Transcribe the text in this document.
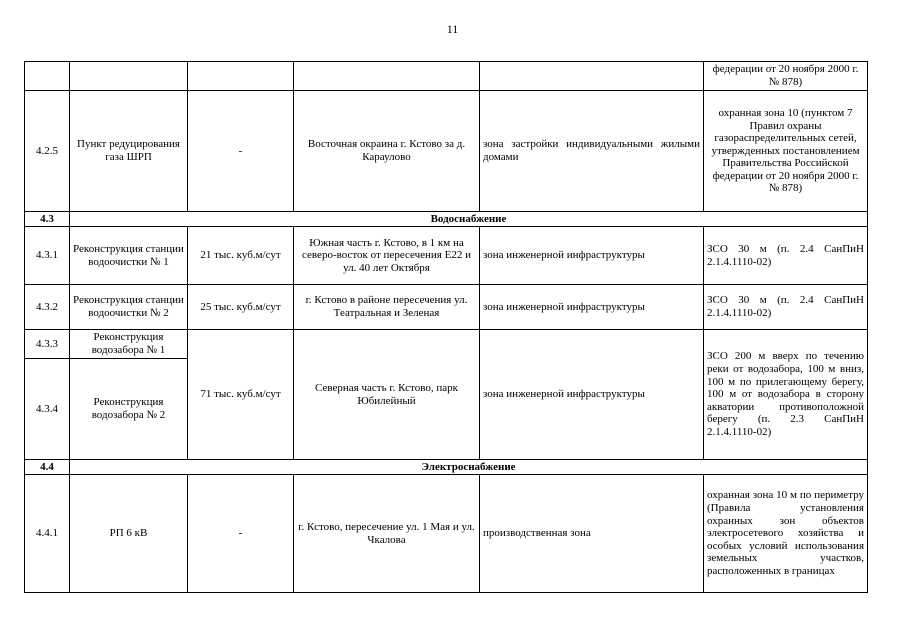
11
					федерации от 20 ноября 2000 г. № 878)
4.2.5	Пункт редуцирования газа ШРП	-	Восточная окраина г. Кстово за д. Караулово	зона застройки индивидуальными жилыми домами	охранная зона 10 (пунктом 7 Правил охраны газораспределительных сетей, утвержденных постановлением Правительства Российской федерации от 20 ноября 2000 г. № 878)
4.3	Водоснабжение				
4.3.1	Реконструкция станции водоочистки № 1	21 тыс. куб.м/сут	Южная часть г. Кстово, в 1 км на северо-восток от пересечения Е22 и ул. 40 лет Октября	зона инженерной инфраструктуры	ЗСО 30 м (п. 2.4 СанПиН 2.1.4.1110-02)
4.3.2	Реконструкция станции водоочистки № 2	25 тыс. куб.м/сут	г. Кстово в районе пересечения ул. Театральная и Зеленая	зона инженерной инфраструктуры	ЗСО 30 м (п. 2.4 СанПиН 2.1.4.1110-02)
4.3.3	Реконструкция водозабора № 1	71 тыс. куб.м/сут	Северная часть г. Кстово, парк Юбилейный	зона инженерной инфраструктуры	ЗСО 200 м вверх по течению реки от водозабора, 100 м вниз, 100 м по прилегающему берегу, 100 м от водозабора в сторону акватории противоположной берегу (п. 2.3 СанПиН 2.1.4.1110-02)
4.3.4	Реконструкция водозабора № 2				
4.4	Электроснабжение				
4.4.1	РП 6 кВ	-	г. Кстово, пересечение ул. 1 Мая и ул. Чкалова	производственная зона	охранная зона 10 м по периметру (Правила установления охранных зон объектов электросетевого хозяйства и особых условий использования земельных участков, расположенных в границах
